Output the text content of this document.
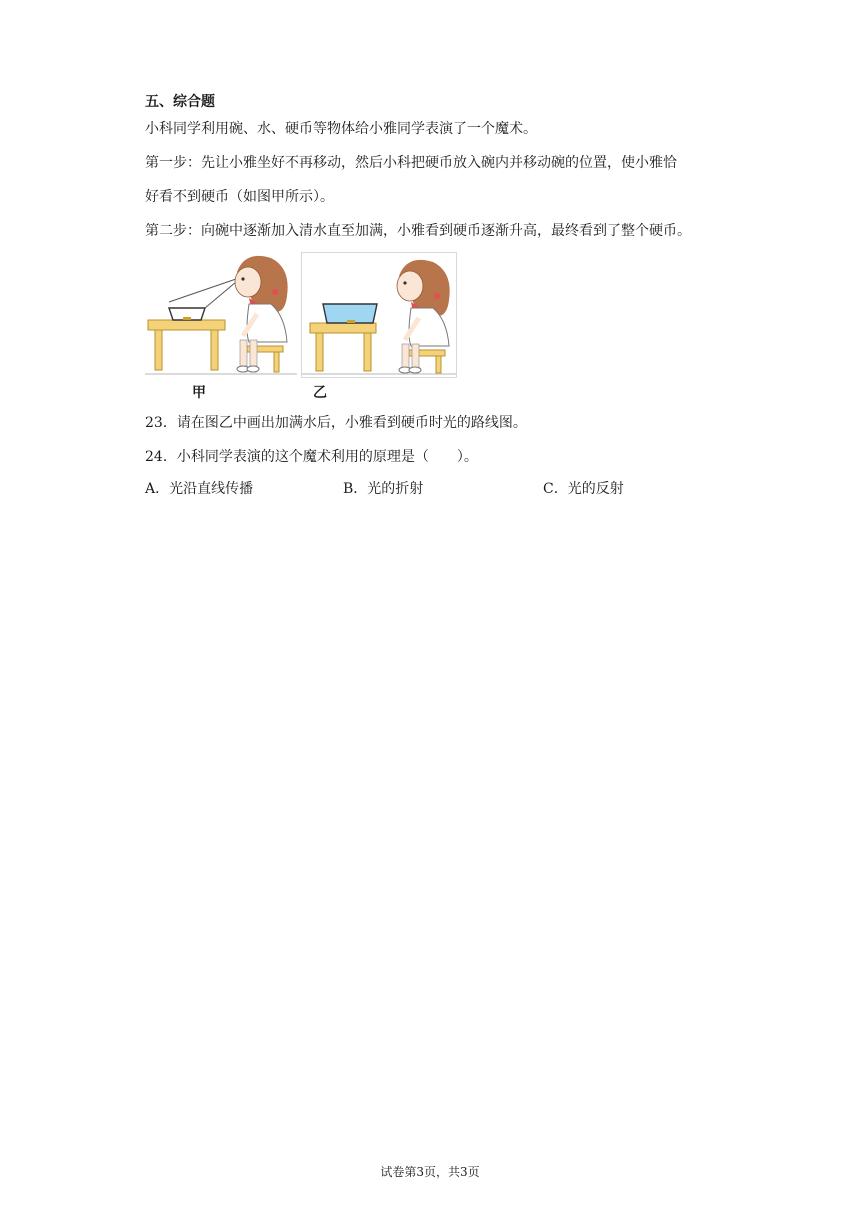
五、综合题
小科同学利用碗、水、硬币等物体给小雅同学表演了一个魔术。
第一步：先让小雅坐好不再移动，然后小科把硬币放入碗内并移动碗的位置，使小雅恰
好看不到硬币（如图甲所示）。
第二步：向碗中逐渐加入清水直至加满，小雅看到硬币逐渐升高，最终看到了整个硬币。
甲	乙
23．请在图乙中画出加满水后，小雅看到硬币时光的路线图。
24．小科同学表演的这个魔术利用的原理是（　　）。
A．光沿直线传播	B．光的折射	C．光的反射
试卷第3页，共3页
